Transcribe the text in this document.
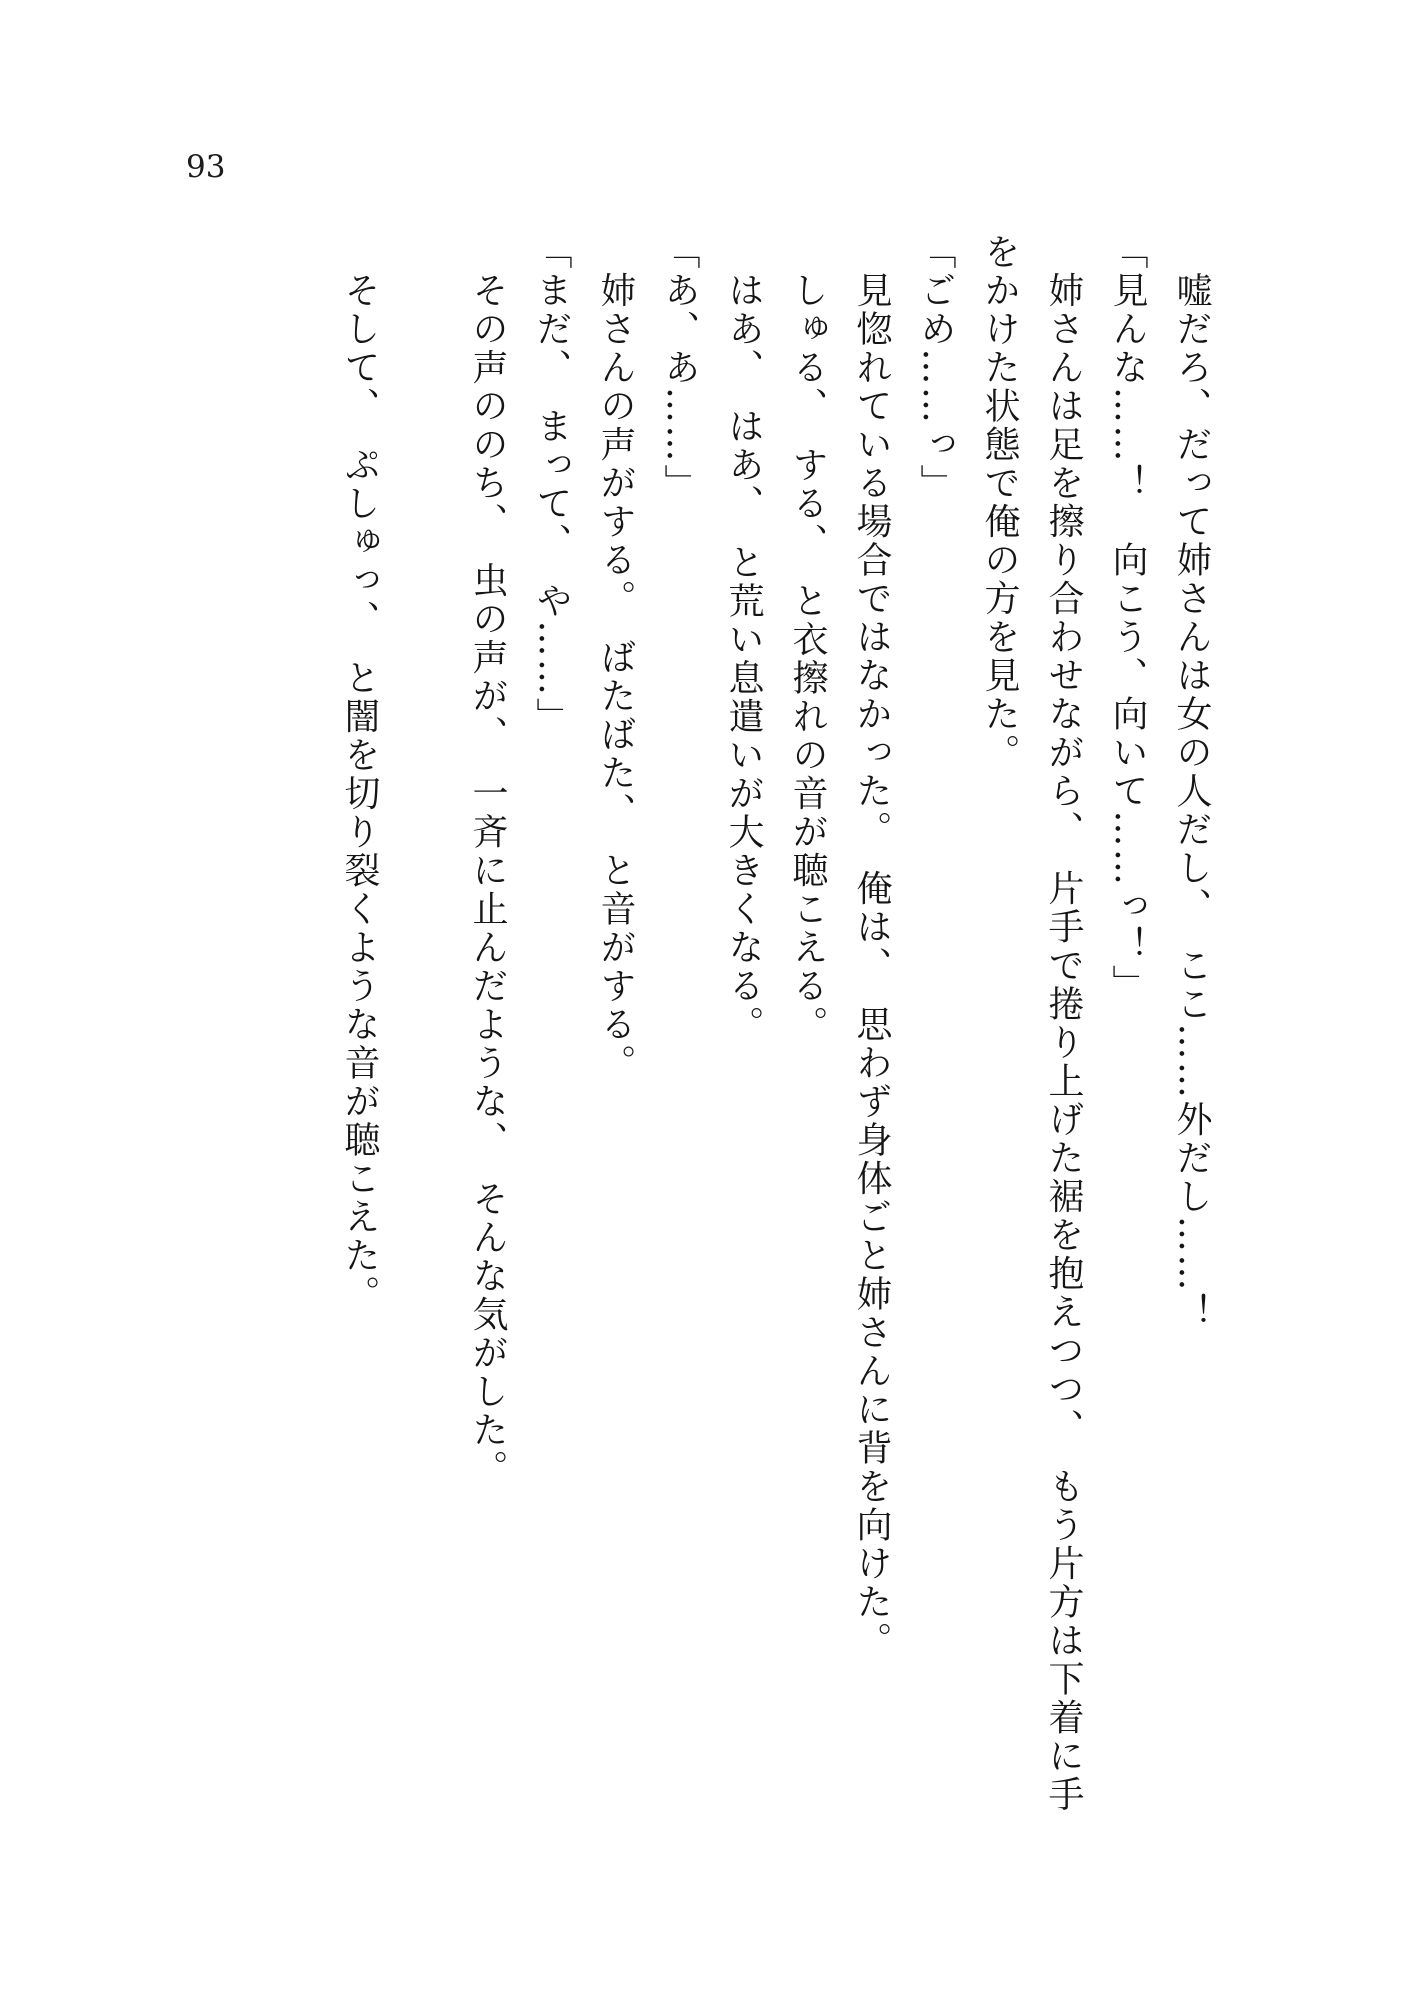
93
　嘘だろ、だって姉さんは女の人だし、　ここ……外だし……！
「見んな……！　向こう、向いて……っ！」
　姉さんは足を擦り合わせながら、　片手で捲り上げた裾を抱えつつ、　もう片方は下着に手
をかけた状態で俺の方を見た。
「ごめ……っ」
　見惚れている場合ではなかった。　俺は、　思わず身体ごと姉さんに背を向けた。
　しゅる、　する、　と衣擦れの音が聴こえる。
　はあ、　はあ、　と荒い息遣いが大きくなる。
「あ、あ……」
　姉さんの声がする。　ばたばた、　と音がする。
「まだ、　まって、　や……」
　その声ののち、　虫の声が、　一斉に止んだような、　そんな気がした。

　そして、　ぷしゅっ、　と闇を切り裂くような音が聴こえた。
